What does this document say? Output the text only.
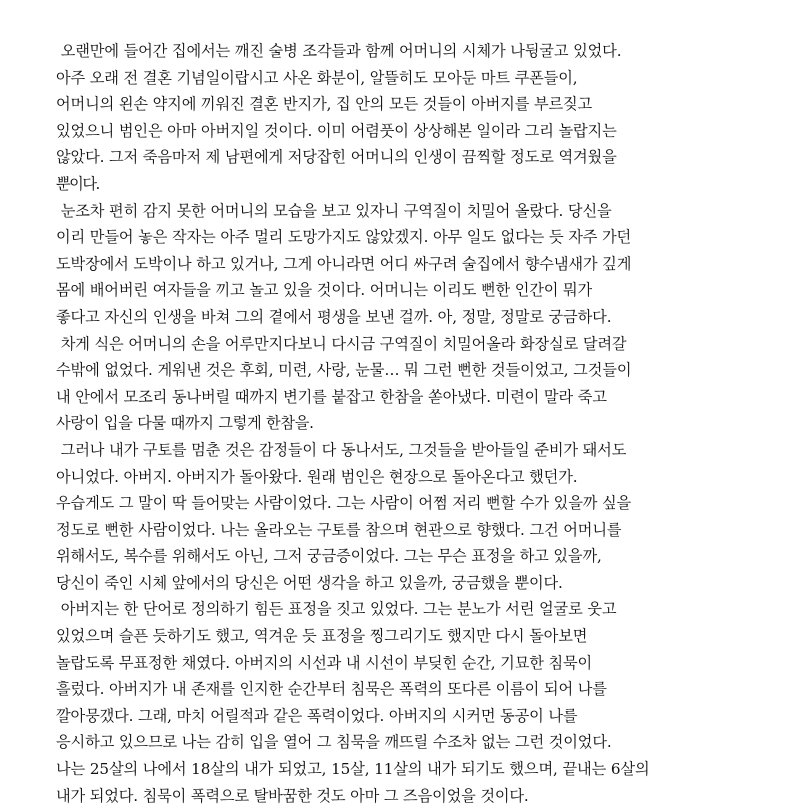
오랜만에 들어간 집에서는 깨진 술병 조각들과 함께 어머니의 시체가 나뒹굴고 있었다.
아주 오래 전 결혼 기념일이랍시고 사온 화분이, 알뜰히도 모아둔 마트 쿠폰들이,
어머니의 왼손 약지에 끼워진 결혼 반지가, 집 안의 모든 것들이 아버지를 부르짖고
있었으니 범인은 아마 아버지일 것이다. 이미 어렴풋이 상상해본 일이라 그리 놀랍지는
않았다. 그저 죽음마저 제 남편에게 저당잡힌 어머니의 인생이 끔찍할 정도로 역겨웠을
뿐이다.
눈조차 편히 감지 못한 어머니의 모습을 보고 있자니 구역질이 치밀어 올랐다. 당신을
이리 만들어 놓은 작자는 아주 멀리 도망가지도 않았겠지. 아무 일도 없다는 듯 자주 가던
도박장에서 도박이나 하고 있거나, 그게 아니라면 어디 싸구려 술집에서 향수냄새가 깊게
몸에 배어버린 여자들을 끼고 놀고 있을 것이다. 어머니는 이리도 뻔한 인간이 뭐가
좋다고 자신의 인생을 바쳐 그의 곁에서 평생을 보낸 걸까. 아, 정말, 정말로 궁금하다.
차게 식은 어머니의 손을 어루만지다보니 다시금 구역질이 치밀어올라 화장실로 달려갈
수밖에 없었다. 게워낸 것은 후회, 미련, 사랑, 눈물… 뭐 그런 뻔한 것들이었고, 그것들이
내 안에서 모조리 동나버릴 때까지 변기를 붙잡고 한참을 쏟아냈다. 미련이 말라 죽고
사랑이 입을 다물 때까지 그렇게 한참을.
그러나 내가 구토를 멈춘 것은 감정들이 다 동나서도, 그것들을 받아들일 준비가 돼서도
아니었다. 아버지. 아버지가 돌아왔다. 원래 범인은 현장으로 돌아온다고 했던가.
우습게도 그 말이 딱 들어맞는 사람이었다. 그는 사람이 어쩜 저리 뻔할 수가 있을까 싶을
정도로 뻔한 사람이었다. 나는 올라오는 구토를 참으며 현관으로 향했다. 그건 어머니를
위해서도, 복수를 위해서도 아닌, 그저 궁금증이었다. 그는 무슨 표정을 하고 있을까,
당신이 죽인 시체 앞에서의 당신은 어떤 생각을 하고 있을까, 궁금했을 뿐이다.
아버지는 한 단어로 정의하기 힘든 표정을 짓고 있었다. 그는 분노가 서린 얼굴로 웃고
있었으며 슬픈 듯하기도 했고, 역겨운 듯 표정을 찡그리기도 했지만 다시 돌아보면
놀랍도록 무표정한 채였다. 아버지의 시선과 내 시선이 부딪힌 순간, 기묘한 침묵이
흘렀다. 아버지가 내 존재를 인지한 순간부터 침묵은 폭력의 또다른 이름이 되어 나를
깔아뭉갰다. 그래, 마치 어릴적과 같은 폭력이었다. 아버지의 시커먼 동공이 나를
응시하고 있으므로 나는 감히 입을 열어 그 침묵을 깨뜨릴 수조차 없는 그런 것이었다.
나는 25살의 나에서 18살의 내가 되었고, 15살, 11살의 내가 되기도 했으며, 끝내는 6살의
내가 되었다. 침묵이 폭력으로 탈바꿈한 것도 아마 그 즈음이었을 것이다.
